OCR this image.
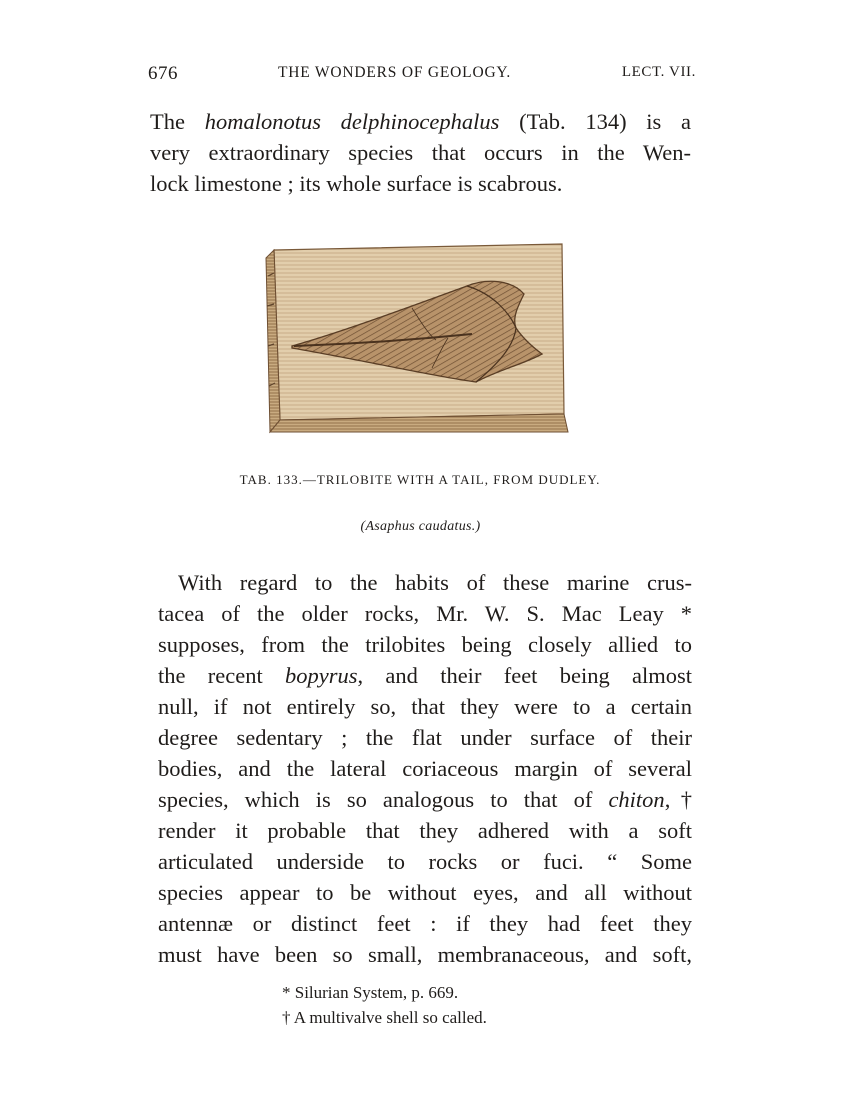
676	THE WONDERS OF GEOLOGY.	LECT. VII.
The homalonotus delphinocephalus (Tab. 134) is a
very extraordinary species that occurs in the Wen-
lock limestone ; its whole surface is scabrous.
TAB. 133.—TRILOBITE WITH A TAIL, FROM DUDLEY.
(Asaphus caudatus.)
With regard to the habits of these marine crus-
tacea of the older rocks, Mr. W. S. Mac Leay *
supposes, from the trilobites being closely allied to
the recent bopyrus, and their feet being almost
null, if not entirely so, that they were to a certain
degree sedentary ; the flat under surface of their
bodies, and the lateral coriaceous margin of several
species, which is so analogous to that of chiton,†
render it probable that they adhered with a soft
articulated underside to rocks or fuci. “ Some
species appear to be without eyes, and all without
antennæ or distinct feet : if they had feet they
must have been so small, membranaceous, and soft,
* Silurian System, p. 669.
† A multivalve shell so called.
